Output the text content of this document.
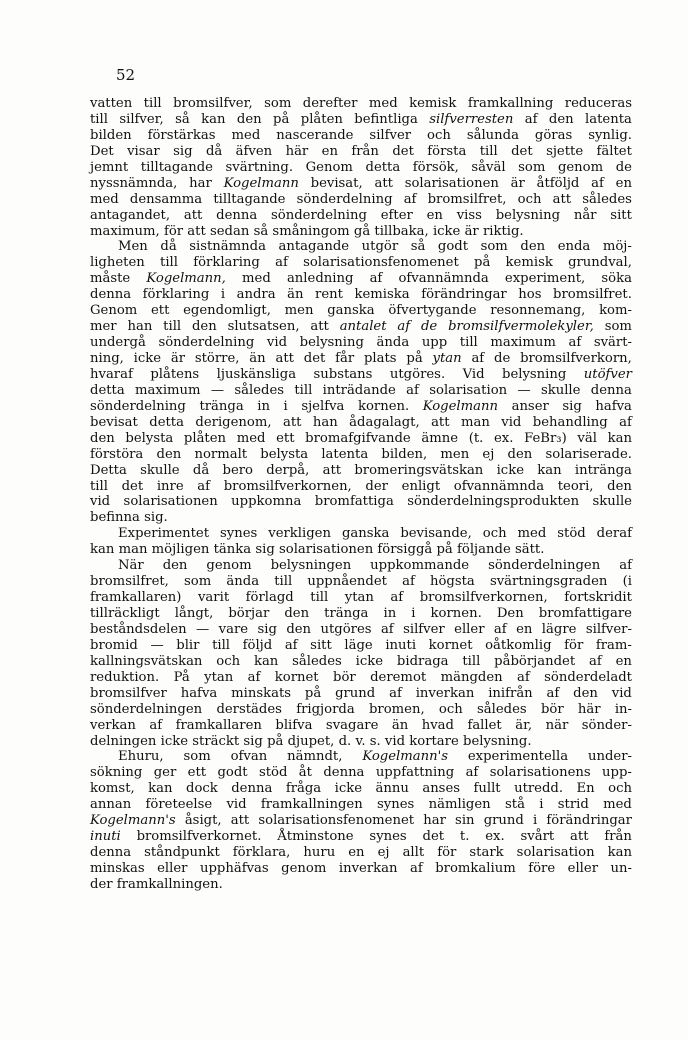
52
vatten till bromsilfver, som derefter med kemisk framkallning reduceras
till silfver, så kan den på plåten befintliga silfverresten af den latenta
bilden förstärkas med nascerande silfver och sålunda göras synlig.
Det visar sig då äfven här en från det första till det sjette fältet
jemnt tilltagande svärtning. Genom detta försök, såväl som genom de
nyssnämnda, har Kogelmann bevisat, att solarisationen är åtföljd af en
med densamma tilltagande sönderdelning af bromsilfret, och att således
antagandet, att denna sönderdelning efter en viss belysning når sitt
maximum, för att sedan så småningom gå tillbaka, icke är riktig.
Men då sistnämnda antagande utgör så godt som den enda möj-
ligheten till förklaring af solarisationsfenomenet på kemisk grundval,
måste Kogelmann, med anledning af ofvannämnda experiment, söka
denna förklaring i andra än rent kemiska förändringar hos bromsilfret.
Genom ett egendomligt, men ganska öfvertygande resonnemang, kom-
mer han till den slutsatsen, att antalet af de bromsilfvermolekyler, som
undergå sönderdelning vid belysning ända upp till maximum af svärt-
ning, icke är större, än att det får plats på ytan af de bromsilfverkorn,
hvaraf plåtens ljuskänsliga substans utgöres. Vid belysning utöfver
detta maximum — således till inträdande af solarisation — skulle denna
sönderdelning tränga in i sjelfva kornen. Kogelmann anser sig hafva
bevisat detta derigenom, att han ådagalagt, att man vid behandling af
den belysta plåten med ett bromafgifvande ämne (t. ex. FeBr₃) väl kan
förstöra den normalt belysta latenta bilden, men ej den solariserade.
Detta skulle då bero derpå, att bromeringsvätskan icke kan intränga
till det inre af bromsilfverkornen, der enligt ofvannämnda teori, den
vid solarisationen uppkomna bromfattiga sönderdelningsprodukten skulle
befinna sig.
Experimentet synes verkligen ganska bevisande, och med stöd deraf
kan man möjligen tänka sig solarisationen försiggå på följande sätt.
När den genom belysningen uppkommande sönderdelningen af
bromsilfret, som ända till uppnåendet af högsta svärtningsgraden (i
framkallaren) varit förlagd till ytan af bromsilfverkornen, fortskridit
tillräckligt långt, börjar den tränga in i kornen. Den bromfattigare
beståndsdelen — vare sig den utgöres af silfver eller af en lägre silfver-
bromid — blir till följd af sitt läge inuti kornet oåtkomlig för fram-
kallningsvätskan och kan således icke bidraga till påbörjandet af en
reduktion. På ytan af kornet bör deremot mängden af sönderdeladt
bromsilfver hafva minskats på grund af inverkan inifrån af den vid
sönderdelningen derstädes frigjorda bromen, och således bör här in-
verkan af framkallaren blifva svagare än hvad fallet är, när sönder-
delningen icke sträckt sig på djupet, d. v. s. vid kortare belysning.
Ehuru, som ofvan nämndt, Kogelmann's experimentella under-
sökning ger ett godt stöd åt denna uppfattning af solarisationens upp-
komst, kan dock denna fråga icke ännu anses fullt utredd. En och
annan företeelse vid framkallningen synes nämligen stå i strid med
Kogelmann's åsigt, att solarisationsfenomenet har sin grund i förändringar
inuti bromsilfverkornet. Åtminstone synes det t. ex. svårt att från
denna ståndpunkt förklara, huru en ej allt för stark solarisation kan
minskas eller upphäfvas genom inverkan af bromkalium före eller un-
der framkallningen.
